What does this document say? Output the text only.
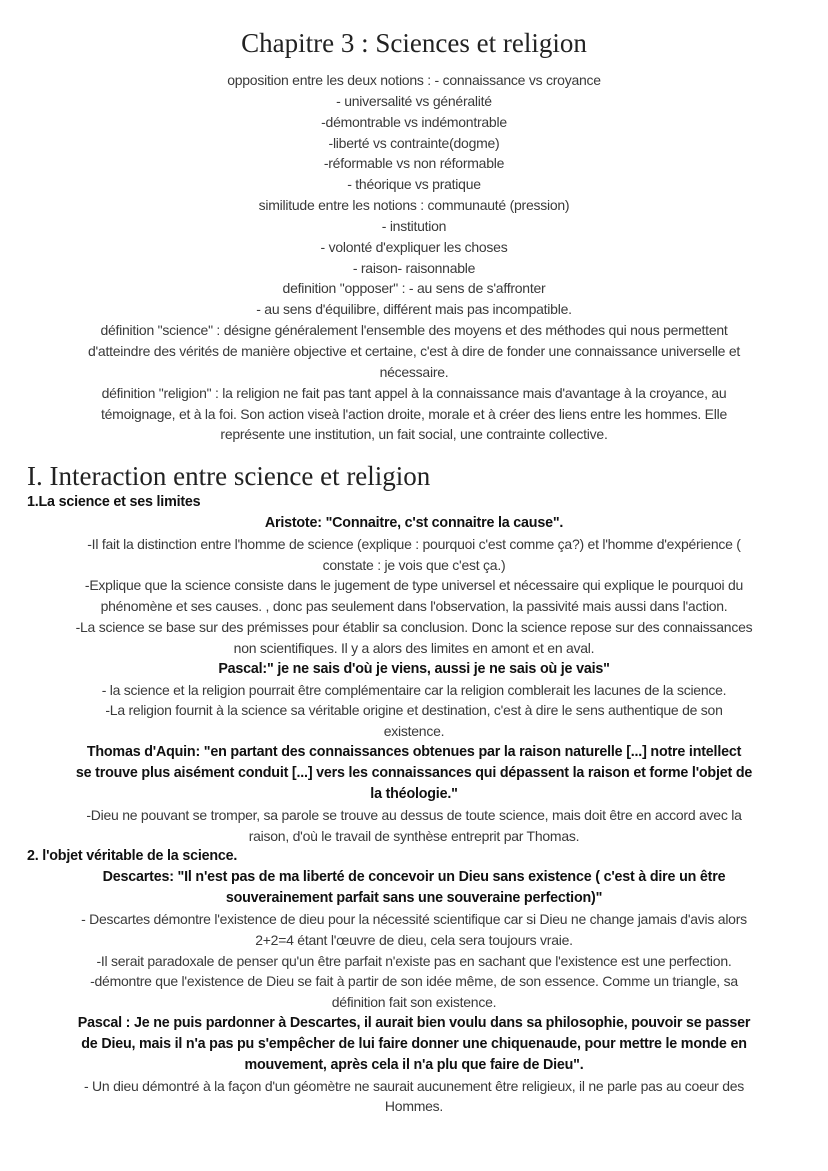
Chapitre 3 : Sciences et religion
opposition entre les deux notions : - connaissance vs croyance
- universalité vs généralité
-démontrable vs indémontrable
-liberté vs contrainte(dogme)
-réformable vs non réformable
- théorique vs pratique
similitude entre les notions : communauté (pression)
- institution
- volonté d'expliquer les choses
- raison- raisonnable
definition "opposer" : - au sens de s'affronter
- au sens d'équilibre, différent mais pas incompatible.
définition "science" : désigne généralement l'ensemble des moyens et des méthodes qui nous permettent
d'atteindre des vérités de manière objective et certaine, c'est à dire de fonder une connaissance universelle et
nécessaire.
définition "religion" : la religion ne fait pas tant appel à la connaissance mais d'avantage à la croyance, au
témoignage, et à la foi. Son action viseà l'action droite, morale et à créer des liens entre les hommes. Elle
représente une institution, un fait social, une contrainte collective.
I. Interaction entre science et religion
1.La science et ses limites
Aristote: "Connaitre, c'st connaitre la cause".
-Il fait la distinction entre l'homme de science (explique : pourquoi c'est comme ça?) et l'homme d'expérience (
constate : je vois que c'est ça.)
-Explique que la science consiste dans le jugement de type universel et nécessaire qui explique le pourquoi du
phénomène et ses causes. , donc pas seulement dans l'observation, la passivité mais aussi dans l'action.
-La science se base sur des prémisses pour établir sa conclusion. Donc la science repose sur des connaissances
non scientifiques. Il y a alors des limites en amont et en aval.
Pascal:" je ne sais d'où je viens, aussi je ne sais où je vais"
- la science et la religion pourrait être complémentaire car la religion comblerait les lacunes de la science.
-La religion fournit à la science sa véritable origine et destination, c'est à dire le sens authentique de son
existence.
Thomas d'Aquin: "en partant des connaissances obtenues par la raison naturelle [...] notre intellect
se trouve plus aisément conduit [...] vers les connaissances qui dépassent la raison et forme l'objet de
la théologie."
-Dieu ne pouvant se tromper, sa parole se trouve au dessus de toute science, mais doit être en accord avec la
raison, d'où le travail de synthèse entreprit par Thomas.
2. l'objet véritable de la science.
Descartes: "Il n'est pas de ma liberté de concevoir un Dieu sans existence ( c'est à dire un être
souverainement parfait sans une souveraine perfection)"
- Descartes démontre l'existence de dieu pour la nécessité scientifique car si Dieu ne change jamais d'avis alors
2+2=4 étant l'œuvre de dieu, cela sera toujours vraie.
-Il serait paradoxale de penser qu'un être parfait n'existe pas en sachant que l'existence est une perfection.
-démontre que l'existence de Dieu se fait à partir de son idée même, de son essence. Comme un triangle, sa
définition fait son existence.
Pascal : Je ne puis pardonner à Descartes, il aurait bien voulu dans sa philosophie, pouvoir se passer
de Dieu, mais il n'a pas pu s'empêcher de lui faire donner une chiquenaude, pour mettre le monde en
mouvement, après cela il n'a plu que faire de Dieu".
- Un dieu démontré à la façon d'un géomètre ne saurait aucunement être religieux, il ne parle pas au coeur des
Hommes.
